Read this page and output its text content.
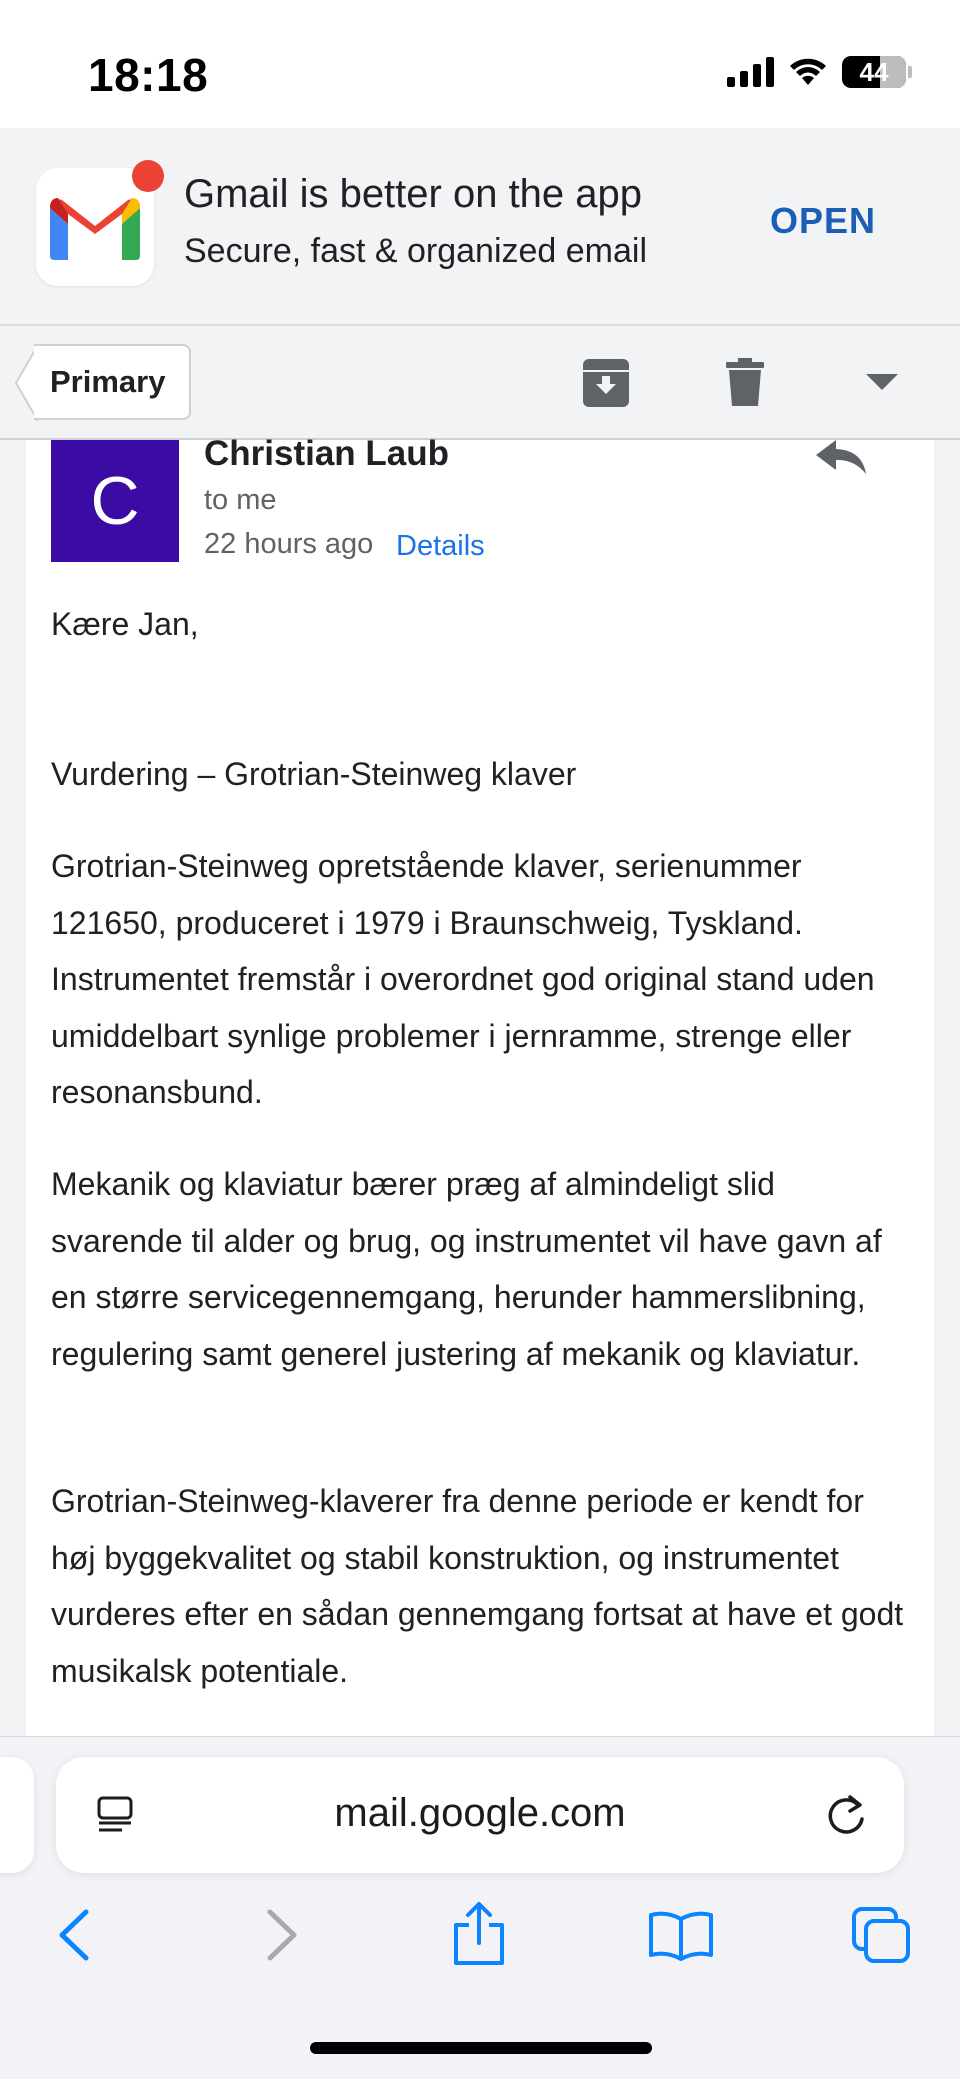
18:18	44
Gmail is better on the app
Secure, fast & organized email
OPEN
Primary
C
Christian Laub
to me
22 hours ago Details
Kære Jan,
Vurdering – Grotrian-Steinweg klaver
Grotrian-Steinweg opretstående klaver, serienummer 121650, produceret i 1979 i Braunschweig, Tyskland. Instrumentet fremstår i overordnet god original stand uden umiddelbart synlige problemer i jernramme, strenge eller resonansbund.
Mekanik og klaviatur bærer præg af almindeligt slid svarende til alder og brug, og instrumentet vil have gavn af en større servicegennemgang, herunder hammerslibning, regulering samt generel justering af mekanik og klaviatur.
Grotrian-Steinweg-klaverer fra denne periode er kendt for høj byggekvalitet og stabil konstruktion, og instrumentet vurderes efter en sådan gennemgang fortsat at have et godt musikalsk potentiale.
mail.google.com
